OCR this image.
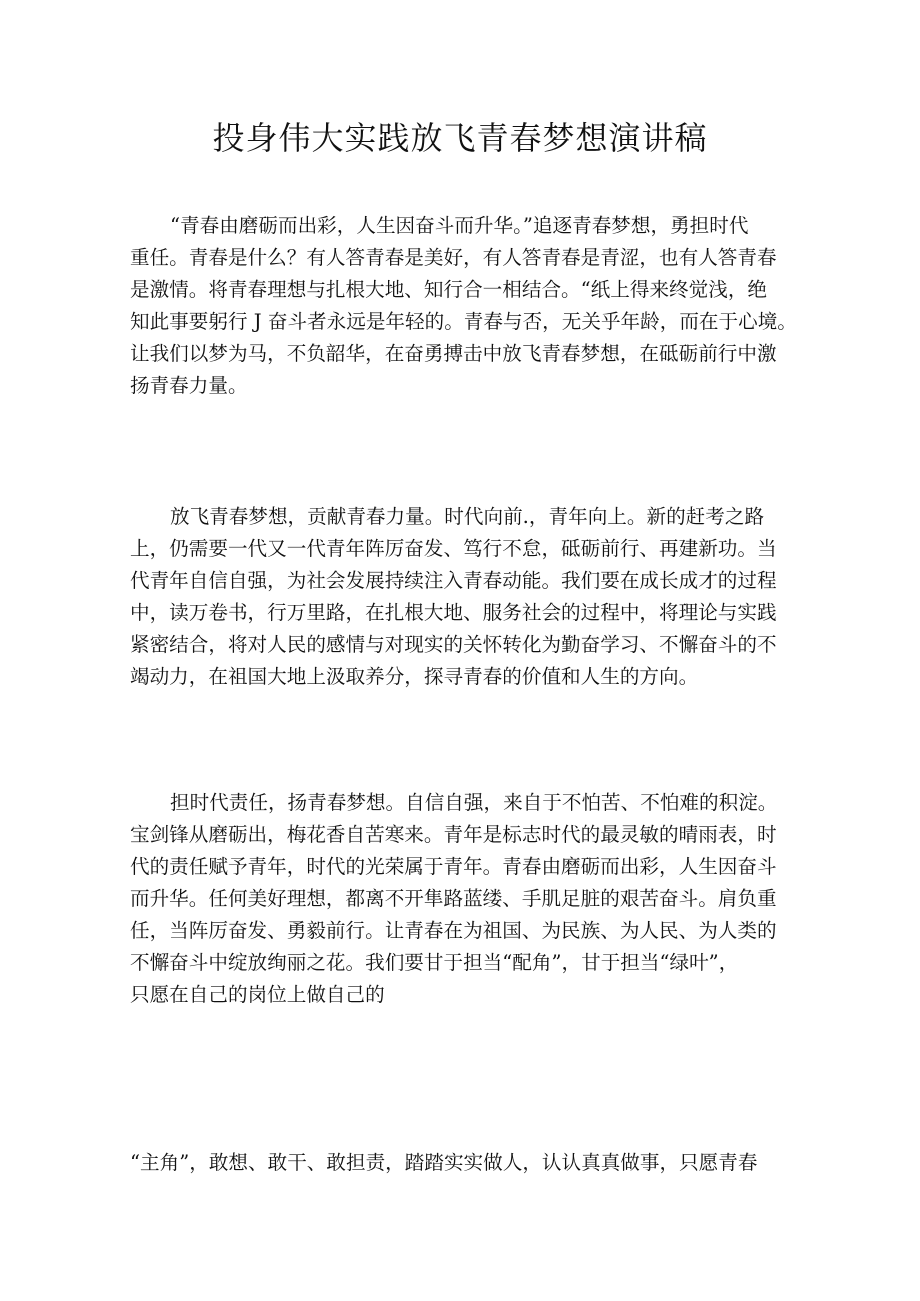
投身伟大实践放飞青春梦想演讲稿
“青春由磨砺而出彩，人生因奋斗而升华。”追逐青春梦想，勇担时代
重任。青春是什么？有人答青春是美好，有人答青春是青涩，也有人答青春
是激情。将青春理想与扎根大地、知行合一相结合。“纸上得来终觉浅，绝
知此事要躬行 J 奋斗者永远是年轻的。青春与否，无关乎年龄，而在于心境。
让我们以梦为马，不负韶华，在奋勇搏击中放飞青春梦想，在砥砺前行中激
扬青春力量。
放飞青春梦想，贡献青春力量。时代向前.，青年向上。新的赶考之路
上，仍需要一代又一代青年阵厉奋发、笃行不怠，砥砺前行、再建新功。当
代青年自信自强，为社会发展持续注入青春动能。我们要在成长成才的过程
中，读万卷书，行万里路，在扎根大地、服务社会的过程中，将理论与实践
紧密结合，将对人民的感情与对现实的关怀转化为勤奋学习、不懈奋斗的不
竭动力，在祖国大地上汲取养分，探寻青春的价值和人生的方向。
担时代责任，扬青春梦想。自信自强，来自于不怕苦、不怕难的积淀。
宝剑锋从磨砺出，梅花香自苦寒来。青年是标志时代的最灵敏的晴雨表，时
代的责任赋予青年，时代的光荣属于青年。青春由磨砺而出彩，人生因奋斗
而升华。任何美好理想，都离不开隼路蓝缕、手肌足脏的艰苦奋斗。肩负重
任，当阵厉奋发、勇毅前行。让青春在为祖国、为民族、为人民、为人类的
不懈奋斗中绽放绚丽之花。我们要甘于担当“配角”，甘于担当“绿叶”，
只愿在自己的岗位上做自己的
“主角”，敢想、敢干、敢担责，踏踏实实做人，认认真真做事，只愿青春
